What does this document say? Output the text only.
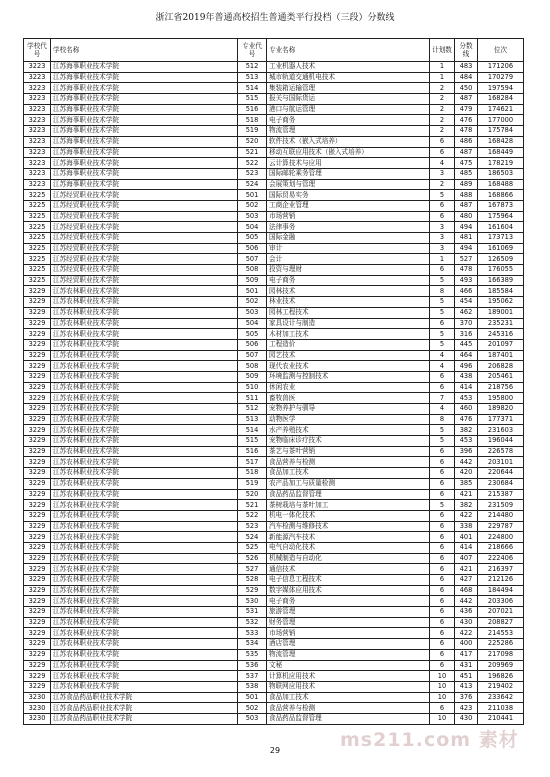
浙江省2019年普通高校招生普通类平行投档（三段）分数线
学校代号	学校名称	专业代号	专业名称	计划数	分数线	位次
3223	江苏海事职业技术学院	512	工业机器人技术	1	483	171206
3223	江苏海事职业技术学院	513	城市轨道交通机电技术	1	484	170279
3223	江苏海事职业技术学院	514	集装箱运输管理	2	450	197594
3223	江苏海事职业技术学院	515	报关与国际货运	2	487	168284
3223	江苏海事职业技术学院	516	港口与航运管理	2	479	174621
3223	江苏海事职业技术学院	518	电子商务	2	476	177000
3223	江苏海事职业技术学院	519	物流管理	2	478	175784
3223	江苏海事职业技术学院	520	软件技术（嵌入式培养）	6	486	168428
3223	江苏海事职业技术学院	521	移动互联应用技术（嵌入式培养）	6	487	168449
3223	江苏海事职业技术学院	522	云计算技术与应用	4	475	178219
3223	江苏海事职业技术学院	523	国际邮轮乘务管理	3	485	186503
3223	江苏海事职业技术学院	524	会展策划与管理	2	489	168488
3225	江苏经贸职业技术学院	501	国际贸易实务	5	488	168866
3225	江苏经贸职业技术学院	502	工商企业管理	6	487	167873
3225	江苏经贸职业技术学院	503	市场营销	6	480	175964
3225	江苏经贸职业技术学院	504	法律事务	3	494	161604
3225	江苏经贸职业技术学院	505	国际金融	3	481	173713
3225	江苏经贸职业技术学院	506	审计	3	494	161069
3225	江苏经贸职业技术学院	507	会计	1	527	126509
3225	江苏经贸职业技术学院	508	投资与理财	6	478	176055
3225	江苏经贸职业技术学院	509	电子商务	5	493	166389
3229	江苏农林职业技术学院	501	园林技术	8	466	185584
3229	江苏农林职业技术学院	502	林业技术	5	454	195062
3229	江苏农林职业技术学院	503	园林工程技术	5	462	189001
3229	江苏农林职业技术学院	504	家具设计与制造	6	370	235231
3229	江苏农林职业技术学院	505	木材加工技术	5	316	245316
3229	江苏农林职业技术学院	506	工程造价	5	445	201097
3229	江苏农林职业技术学院	507	园艺技术	4	464	187401
3229	江苏农林职业技术学院	508	现代农业技术	4	496	206828
3229	江苏农林职业技术学院	509	环境监测与控制技术	6	438	205461
3229	江苏农林职业技术学院	510	休闲农业	6	414	218756
3229	江苏农林职业技术学院	511	畜牧兽医	7	453	195800
3229	江苏农林职业技术学院	512	宠物养护与驯导	4	460	189820
3229	江苏农林职业技术学院	513	动物医学	8	476	177371
3229	江苏农林职业技术学院	514	水产养殖技术	5	382	231603
3229	江苏农林职业技术学院	515	宠物临床诊疗技术	5	453	196044
3229	江苏农林职业技术学院	516	茶艺与茶叶营销	6	396	226578
3229	江苏农林职业技术学院	517	食品营养与检测	6	442	203101
3229	江苏农林职业技术学院	518	食品加工技术	6	420	220644
3229	江苏农林职业技术学院	519	农产品加工与质量检测	6	385	230684
3229	江苏农林职业技术学院	520	食品药品监督管理	6	421	215387
3229	江苏农林职业技术学院	521	茶树栽培与茶叶加工	5	382	231509
3229	江苏农林职业技术学院	522	机电一体化技术	6	422	214480
3229	江苏农林职业技术学院	523	汽车检测与维修技术	6	338	229787
3229	江苏农林职业技术学院	524	新能源汽车技术	6	401	224800
3229	江苏农林职业技术学院	525	电气自动化技术	6	414	218666
3229	江苏农林职业技术学院	526	机械制造与自动化	6	407	222406
3229	江苏农林职业技术学院	527	通信技术	6	421	216397
3229	江苏农林职业技术学院	528	电子信息工程技术	6	427	212126
3229	江苏农林职业技术学院	529	数字媒体应用技术	6	468	184494
3229	江苏农林职业技术学院	530	电子商务	6	442	203306
3229	江苏农林职业技术学院	531	旅游管理	6	436	207021
3229	江苏农林职业技术学院	532	财务管理	6	430	208827
3229	江苏农林职业技术学院	533	市场营销	6	422	214553
3229	江苏农林职业技术学院	534	酒店管理	6	400	225286
3229	江苏农林职业技术学院	535	物流管理	6	417	217098
3229	江苏农林职业技术学院	536	文秘	6	431	209969
3229	江苏农林职业技术学院	537	计算机应用技术	10	451	196826
3229	江苏农林职业技术学院	538	物联网应用技术	10	413	219402
3230	江苏食品药品职业技术学院	501	食品加工技术	10	376	233642
3230	江苏食品药品职业技术学院	502	食品营养与检测	6	423	211038
3230	江苏食品药品职业技术学院	503	食品药品监督管理	10	430	210441
ms211.com 素材
29
